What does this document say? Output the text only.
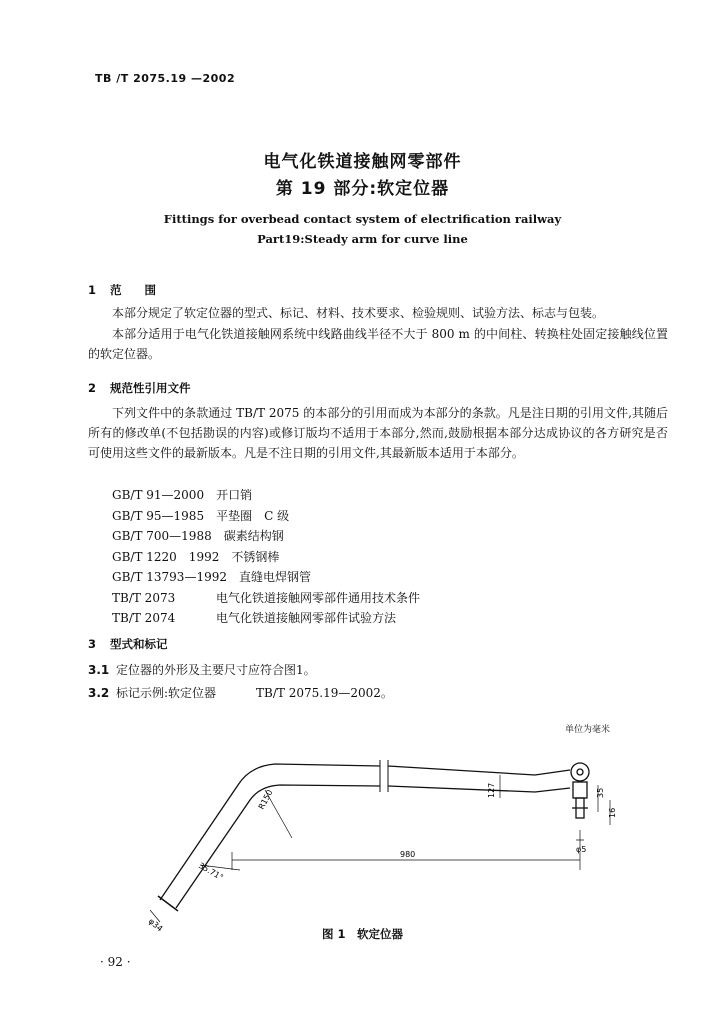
TB /T 2075.19 —2002
电气化铁道接触网零部件
第 19 部分:软定位器
Fittings for overbead contact system of electrification railway
Part19:Steady arm for curve line
1 范　　围
本部分规定了软定位器的型式、标记、材料、技术要求、检验规则、试验方法、标志与包装。
本部分适用于电气化铁道接触网系统中线路曲线半径不大于 800 m 的中间柱、转换柱处固定接触线位置的软定位器。
2 规范性引用文件
下列文件中的条款通过 TB/T 2075 的本部分的引用而成为本部分的条款。凡是注日期的引用文件,其随后所有的修改单(不包括勘误的内容)或修订版均不适用于本部分,然而,鼓励根据本部分达成协议的各方研究是否可使用这些文件的最新版本。凡是不注日期的引用文件,其最新版本适用于本部分。
GB/T 91—2000　 开口销
GB/T 95—1985　 平垫圈　C 级
GB/T 700—1988　 碳素结构钢
GB/T 1220　1992　 不锈钢棒
GB/T 13793—1992　 直缝电焊钢管
TB/T 2073　	电气化铁道接触网零部件通用技术条件
TB/T 2074　	电气化铁道接触网零部件试验方法
3 型式和标记
3.1 定位器的外形及主要尺寸应符合图1。
3.2 标记示例:软定位器	TB/T 2075.19—2002。
单位为毫米
R150
980
35.71°
φ34
127	35
16
φ5
图 1　软定位器
· 92 ·
